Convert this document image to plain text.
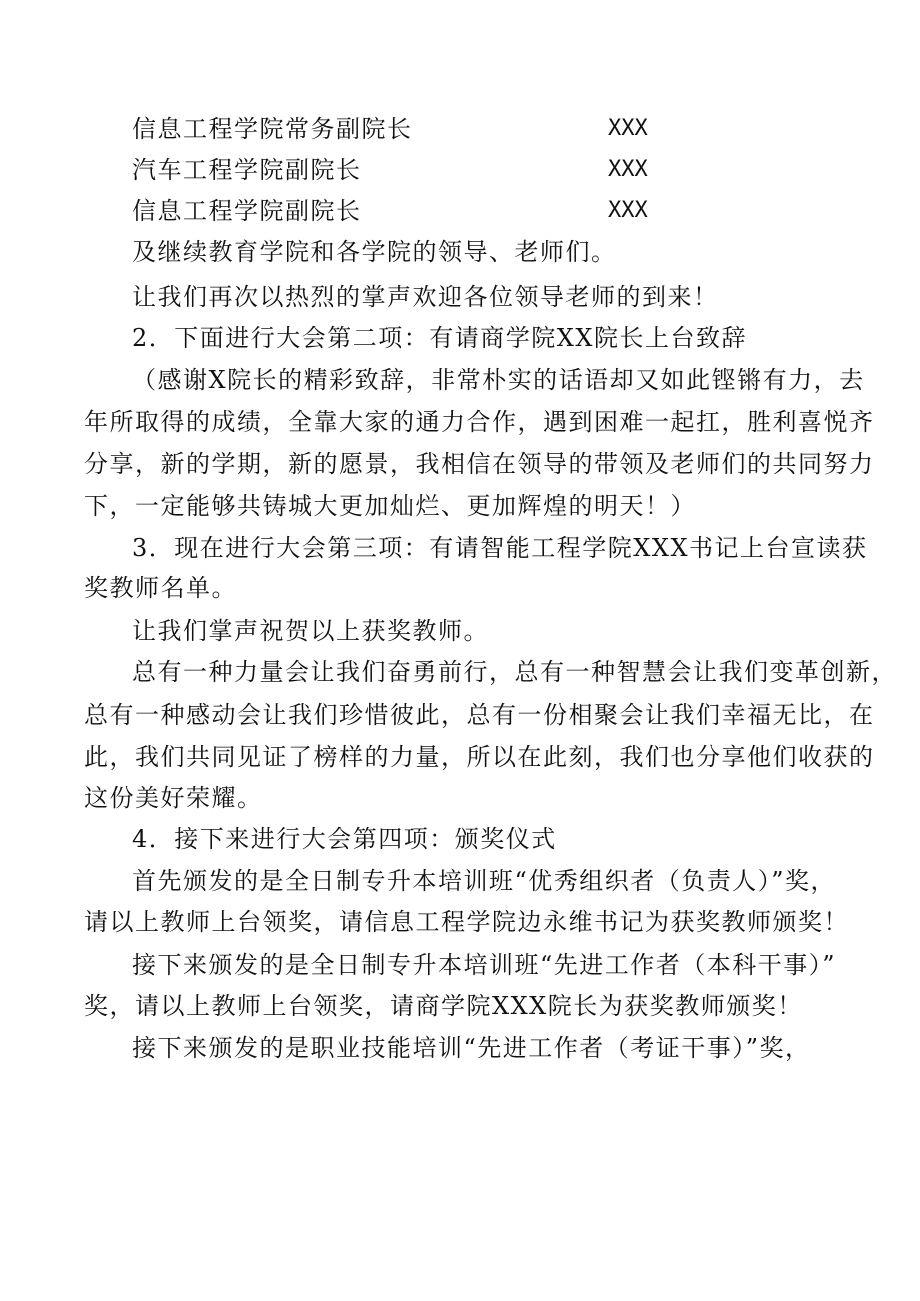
信息工程学院常务副院长	XXX
汽车工程学院副院长	XXX
信息工程学院副院长	XXX
及继续教育学院和各学院的领导、老师们。
让我们再次以热烈的掌声欢迎各位领导老师的到来！
2．下面进行大会第二项：有请商学院XX院长上台致辞
（感谢X院长的精彩致辞，非常朴实的话语却又如此铿锵有力，去
年所取得的成绩，全靠大家的通力合作，遇到困难一起扛，胜利喜悦齐
分享，新的学期，新的愿景，我相信在领导的带领及老师们的共同努力
下，一定能够共铸城大更加灿烂、更加辉煌的明天！）
3．现在进行大会第三项：有请智能工程学院XXX书记上台宣读获
奖教师名单。
让我们掌声祝贺以上获奖教师。
总有一种力量会让我们奋勇前行，总有一种智慧会让我们变革创新，
总有一种感动会让我们珍惜彼此，总有一份相聚会让我们幸福无比，在
此，我们共同见证了榜样的力量，所以在此刻，我们也分享他们收获的
这份美好荣耀。
4．接下来进行大会第四项：颁奖仪式
首先颁发的是全日制专升本培训班“优秀组织者（负责人）”奖，
请以上教师上台领奖，请信息工程学院边永维书记为获奖教师颁奖！
接下来颁发的是全日制专升本培训班“先进工作者（本科干事）”
奖，请以上教师上台领奖，请商学院XXX院长为获奖教师颁奖！
接下来颁发的是职业技能培训“先进工作者（考证干事）”奖，
